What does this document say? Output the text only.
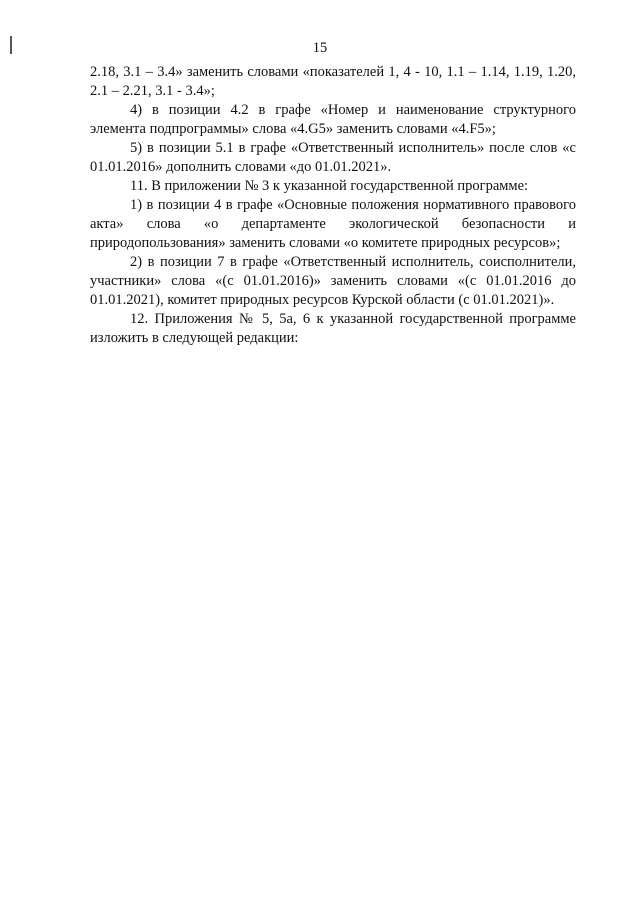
15

2.18, 3.1 – 3.4» заменить словами «показателей 1, 4 - 10, 1.1 – 1.14, 1.19, 1.20, 2.1 – 2.21, 3.1 - 3.4»;

4) в позиции 4.2 в графе «Номер и наименование структурного элемента подпрограммы» слова «4.G5» заменить словами «4.F5»;

5) в позиции 5.1 в графе «Ответственный исполнитель» после слов «с 01.01.2016» дополнить словами «до 01.01.2021».

11. В приложении № 3 к указанной государственной программе:

1) в позиции 4 в графе «Основные положения нормативного правового акта» слова «о департаменте экологической безопасности и природопользования» заменить словами «о комитете природных ресурсов»;

2) в позиции 7 в графе «Ответственный исполнитель, соисполнители, участники» слова «(с 01.01.2016)» заменить словами «(с 01.01.2016 до 01.01.2021), комитет природных ресурсов Курской области (с 01.01.2021)».

12. Приложения № 5, 5а, 6 к указанной государственной программе изложить в следующей редакции:
